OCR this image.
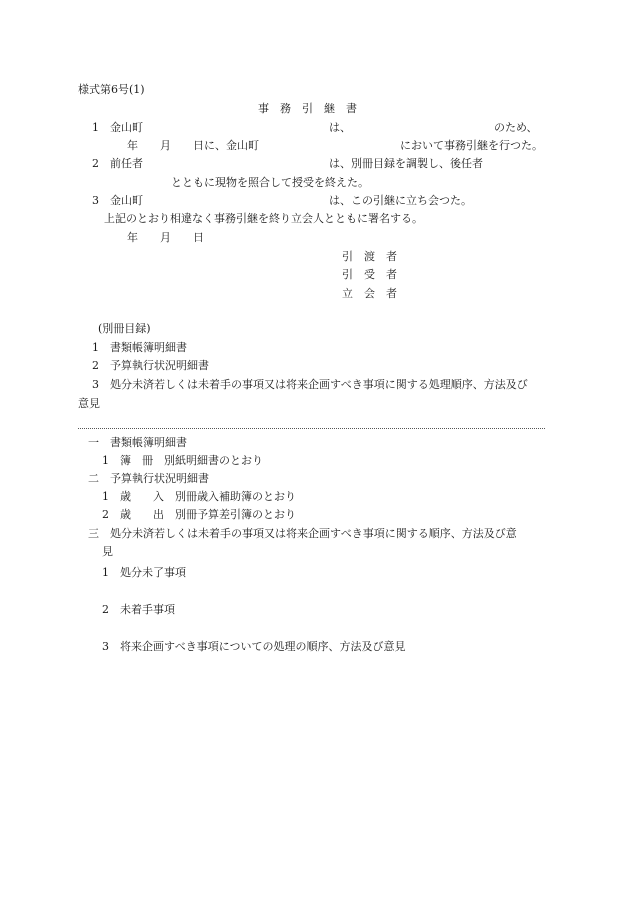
様式第6号(1)
事　務　引　継　書
1 金山町	は、	のため、
年　　月　　日に、金山町	において事務引継を行つた。
2 前任者	は、別冊目録を調製し、後任者
とともに現物を照合して授受を終えた。
3 金山町	は、この引継に立ち会つた。
上記のとおり相違なく事務引継を終り立会人とともに署名する。
年　　月　　日
引　渡　者
引　受　者
立　会　者
(別冊目録)
1　書類帳簿明細書
2　予算執行状況明細書
3　処分未済若しくは未着手の事項又は将来企画すべき事項に関する処理順序、方法及び
意見
一　書類帳簿明細書
1　簿　冊　別紙明細書のとおり
二　予算執行状況明細書
1　歳　　入　別冊歳入補助簿のとおり
2　歳　　出　別冊予算差引簿のとおり
三　処分未済若しくは未着手の事項又は将来企画すべき事項に関する順序、方法及び意
見
1　処分未了事項
2　未着手事項
3　将来企画すべき事項についての処理の順序、方法及び意見
